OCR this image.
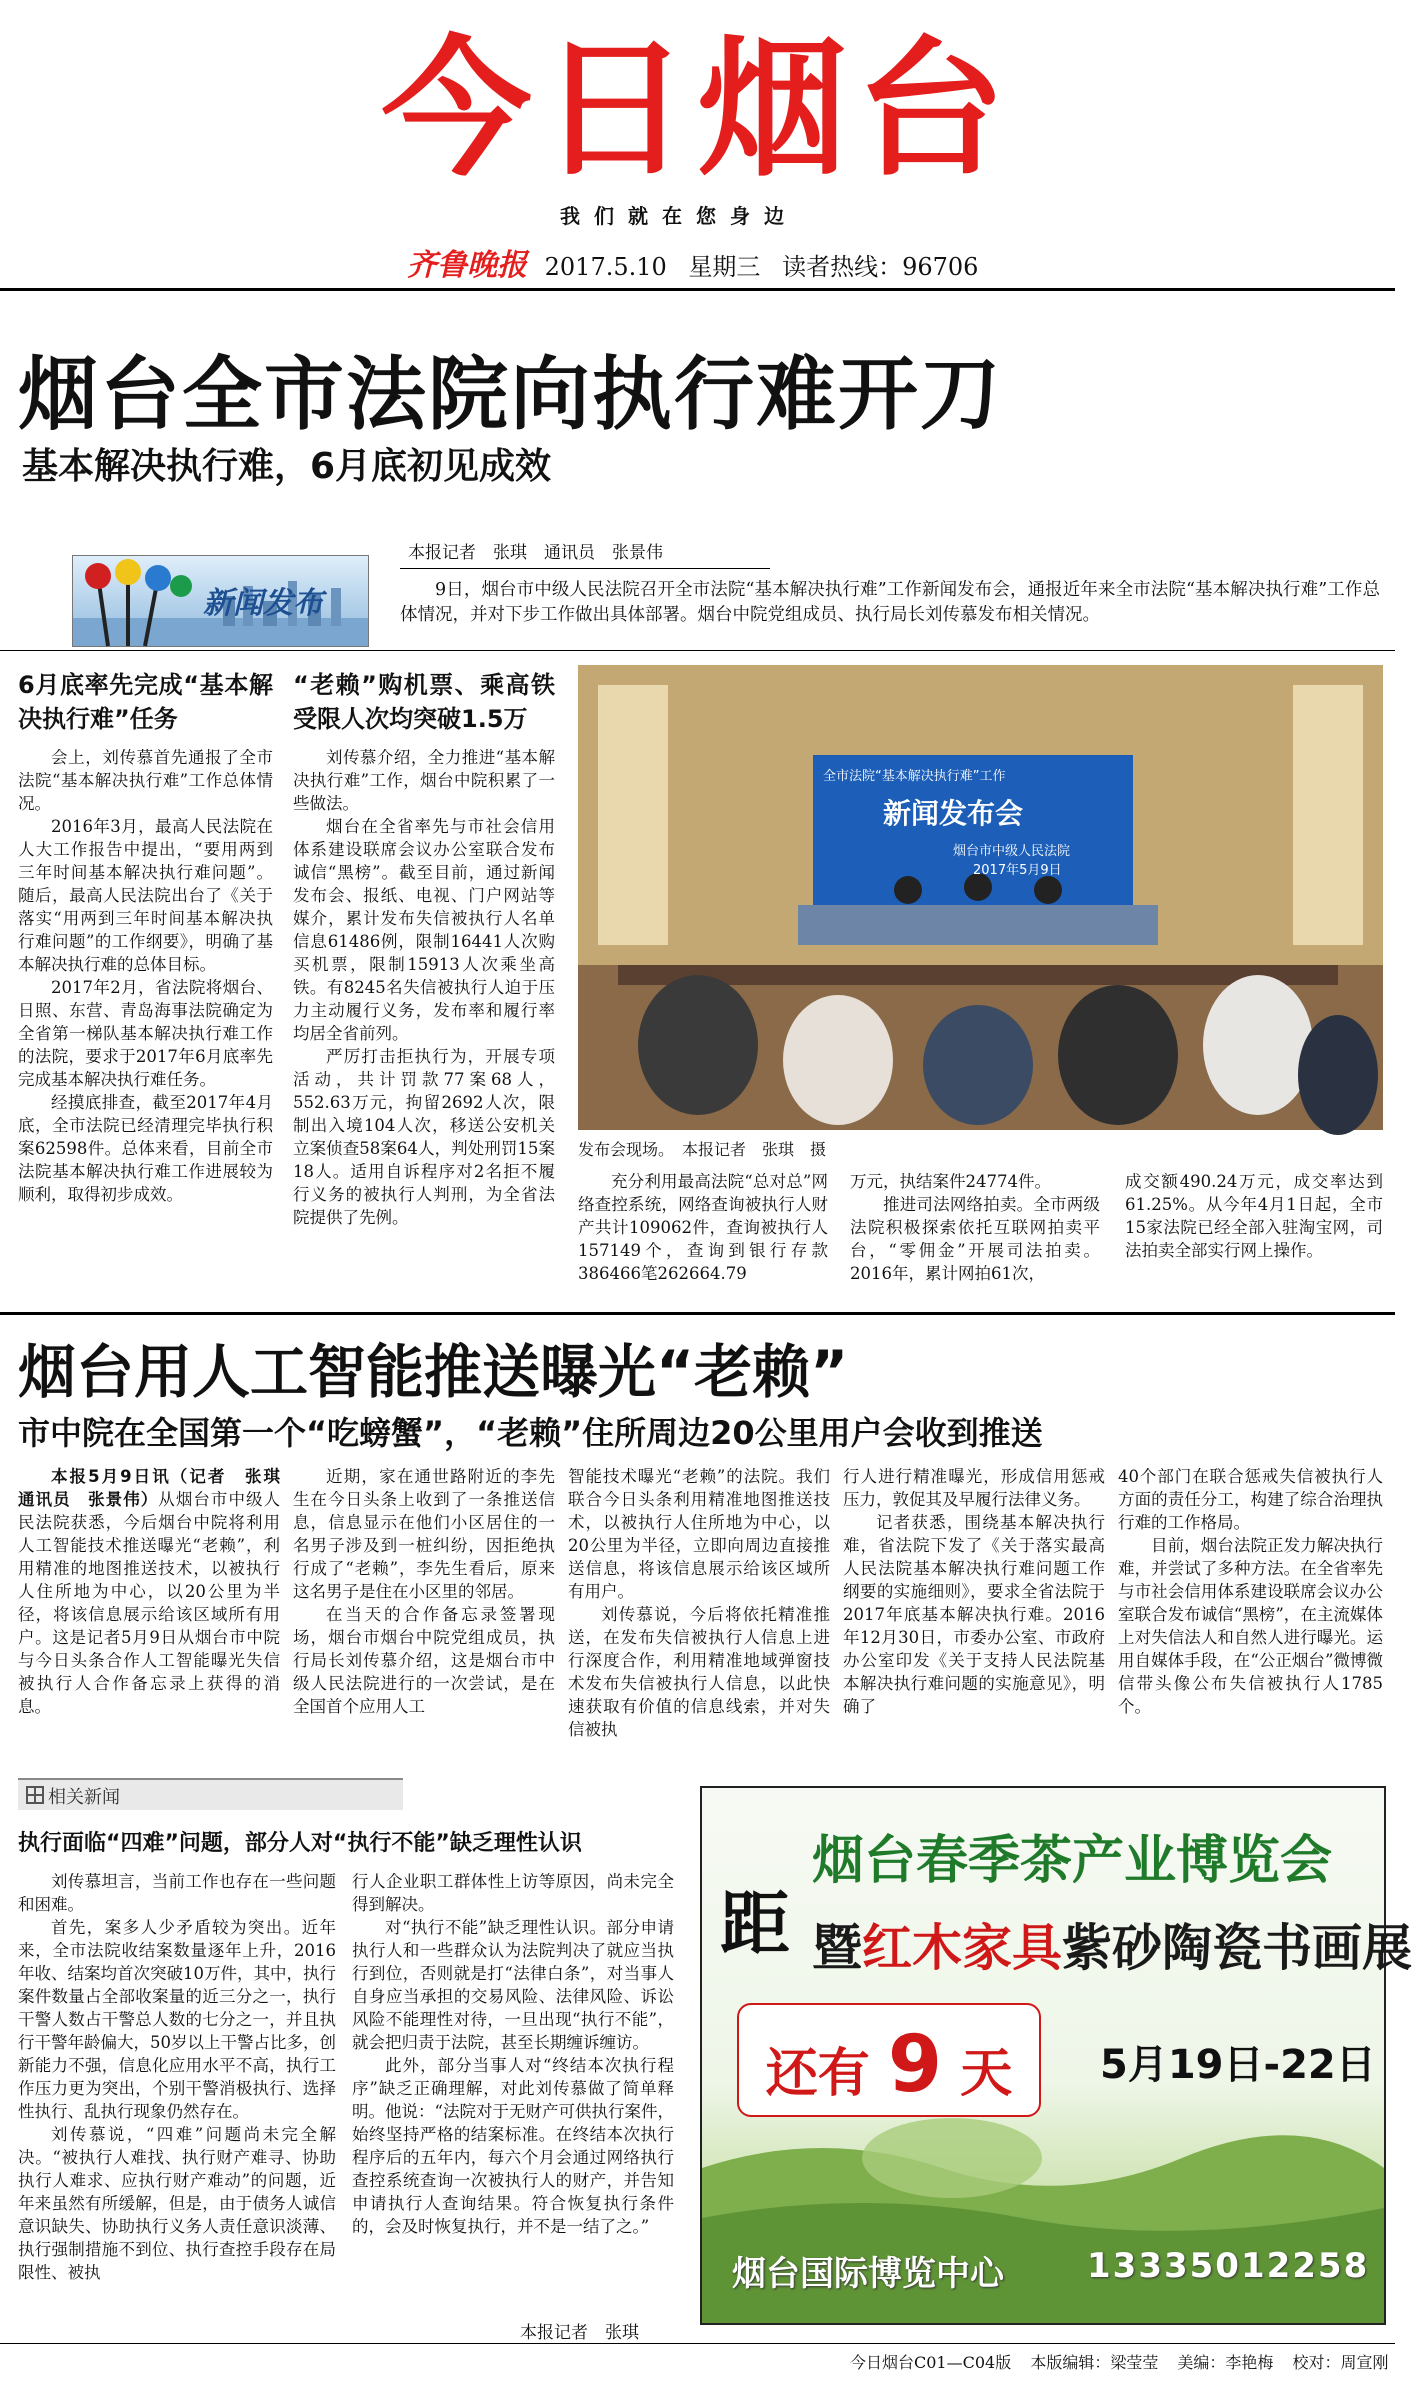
今日烟台
我们就在您身边
齐鲁晚报 2017.5.10 星期三 读者热线：96706
烟台全市法院向执行难开刀
基本解决执行难，6月底初见成效
新闻发布
本报记者　张琪　通讯员　张景伟
9日，烟台市中级人民法院召开全市法院“基本解决执行难”工作新闻发布会，通报近年来全市法院“基本解决执行难”工作总体情况，并对下步工作做出具体部署。烟台中院党组成员、执行局长刘传慕发布相关情况。

6月底率先完成“基本解决执行难”任务

会上，刘传慕首先通报了全市法院“基本解决执行难”工作总体情况。

2016年3月，最高人民法院在人大工作报告中提出，“要用两到三年时间基本解决执行难问题”。随后，最高人民法院出台了《关于落实“用两到三年时间基本解决执行难问题”的工作纲要》，明确了基本解决执行难的总体目标。

2017年2月，省法院将烟台、日照、东营、青岛海事法院确定为全省第一梯队基本解决执行难工作的法院，要求于2017年6月底率先完成基本解决执行难任务。

经摸底排查，截至2017年4月底，全市法院已经清理完毕执行积案62598件。总体来看，目前全市法院基本解决执行难工作进展较为顺利，取得初步成效。

“老赖”购机票、乘高铁受限人次均突破1.5万

刘传慕介绍，全力推进“基本解决执行难”工作，烟台中院积累了一些做法。

烟台在全省率先与市社会信用体系建设联席会议办公室联合发布诚信“黑榜”。截至目前，通过新闻发布会、报纸、电视、门户网站等媒介，累计发布失信被执行人名单信息61486例，限制16441人次购买机票，限制15913人次乘坐高铁。有8245名失信被执行人迫于压力主动履行义务，发布率和履行率均居全省前列。

严厉打击拒执行为，开展专项活动，共计罚款77案68人，552.63万元，拘留2692人次，限制出入境104人次，移送公安机关立案侦查58案64人，判处刑罚15案18人。适用自诉程序对2名拒不履行义务的被执行人判刑，为全省法院提供了先例。

全市法院“基本解决执行难”工作
新闻发布会
烟台市中级人民法院
2017年5月9日
发布会现场。　本报记者　张琪　摄

充分利用最高法院“总对总”网络查控系统，网络查询被执行人财产共计109062件，查询被执行人157149个，查询到银行存款386466笔262664.79

万元，执结案件24774件。

推进司法网络拍卖。全市两级法院积极探索依托互联网拍卖平台，“零佣金”开展司法拍卖。2016年，累计网拍61次，

成交额490.24万元，成交率达到61.25%。从今年4月1日起，全市15家法院已经全部入驻淘宝网，司法拍卖全部实行网上操作。

烟台用人工智能推送曝光“老赖”
市中院在全国第一个“吃螃蟹”，“老赖”住所周边20公里用户会收到推送

本报5月9日讯（记者　张琪　通讯员　张景伟）从烟台市中级人民法院获悉，今后烟台中院将利用人工智能技术推送曝光“老赖”，利用精准的地图推送技术，以被执行人住所地为中心，以20公里为半径，将该信息展示给该区域所有用户。这是记者5月9日从烟台市中院与今日头条合作人工智能曝光失信被执行人合作备忘录上获得的消息。

近期，家在通世路附近的李先生在今日头条上收到了一条推送信息，信息显示在他们小区居住的一名男子涉及到一桩纠纷，因拒绝执行成了“老赖”，李先生看后，原来这名男子是住在小区里的邻居。

在当天的合作备忘录签署现场，烟台市烟台中院党组成员，执行局长刘传慕介绍，这是烟台市中级人民法院进行的一次尝试，是在全国首个应用人工

智能技术曝光“老赖”的法院。我们联合今日头条利用精准地图推送技术，以被执行人住所地为中心，以20公里为半径，立即向周边直接推送信息，将该信息展示给该区域所有用户。

刘传慕说，今后将依托精准推送，在发布失信被执行人信息上进行深度合作，利用精准地域弹窗技术发布失信被执行人信息，以此快速获取有价值的信息线索，并对失信被执

行人进行精准曝光，形成信用惩戒压力，敦促其及早履行法律义务。

记者获悉，围绕基本解决执行难，省法院下发了《关于落实最高人民法院基本解决执行难问题工作纲要的实施细则》，要求全省法院于2017年底基本解决执行难。2016年12月30日，市委办公室、市政府办公室印发《关于支持人民法院基本解决执行难问题的实施意见》，明确了

40个部门在联合惩戒失信被执行人方面的责任分工，构建了综合治理执行难的工作格局。

目前，烟台法院正发力解决执行难，并尝试了多种方法。在全省率先与市社会信用体系建设联席会议办公室联合发布诚信“黑榜”，在主流媒体上对失信法人和自然人进行曝光。运用自媒体手段，在“公正烟台”微博微信带头像公布失信被执行人1785个。

相关新闻
执行面临“四难”问题，部分人对“执行不能”缺乏理性认识

刘传慕坦言，当前工作也存在一些问题和困难。

首先，案多人少矛盾较为突出。近年来，全市法院收结案数量逐年上升，2016年收、结案均首次突破10万件，其中，执行案件数量占全部收案量的近三分之一，执行干警人数占干警总人数的七分之一，并且执行干警年龄偏大，50岁以上干警占比多，创新能力不强，信息化应用水平不高，执行工作压力更为突出，个别干警消极执行、选择性执行、乱执行现象仍然存在。

刘传慕说，“四难”问题尚未完全解决。“被执行人难找、执行财产难寻、协助执行人难求、应执行财产难动”的问题，近年来虽然有所缓解，但是，由于债务人诚信意识缺失、协助执行义务人责任意识淡薄、执行强制措施不到位、执行查控手段存在局限性、被执

行人企业职工群体性上访等原因，尚未完全得到解决。

对“执行不能”缺乏理性认识。部分申请执行人和一些群众认为法院判决了就应当执行到位，否则就是打“法律白条”，对当事人自身应当承担的交易风险、法律风险、诉讼风险不能理性对待，一旦出现“执行不能”，就会把归责于法院，甚至长期缠诉缠访。

此外，部分当事人对“终结本次执行程序”缺乏正确理解，对此刘传慕做了简单释明。他说：“法院对于无财产可供执行案件，始终坚持严格的结案标准。在终结本次执行程序后的五年内，每六个月会通过网络执行查控系统查询一次被执行人的财产，并告知申请执行人查询结果。符合恢复执行条件的，会及时恢复执行，并不是一结了之。”

本报记者　张琪
距
烟台春季茶产业博览会
暨红木家具紫砂陶瓷书画展
还有 9 天	5月19日-22日
烟台国际博览中心 13335012258
今日烟台C01—C04版 本版编辑：梁莹莹 美编：李艳梅 校对：周宣刚
